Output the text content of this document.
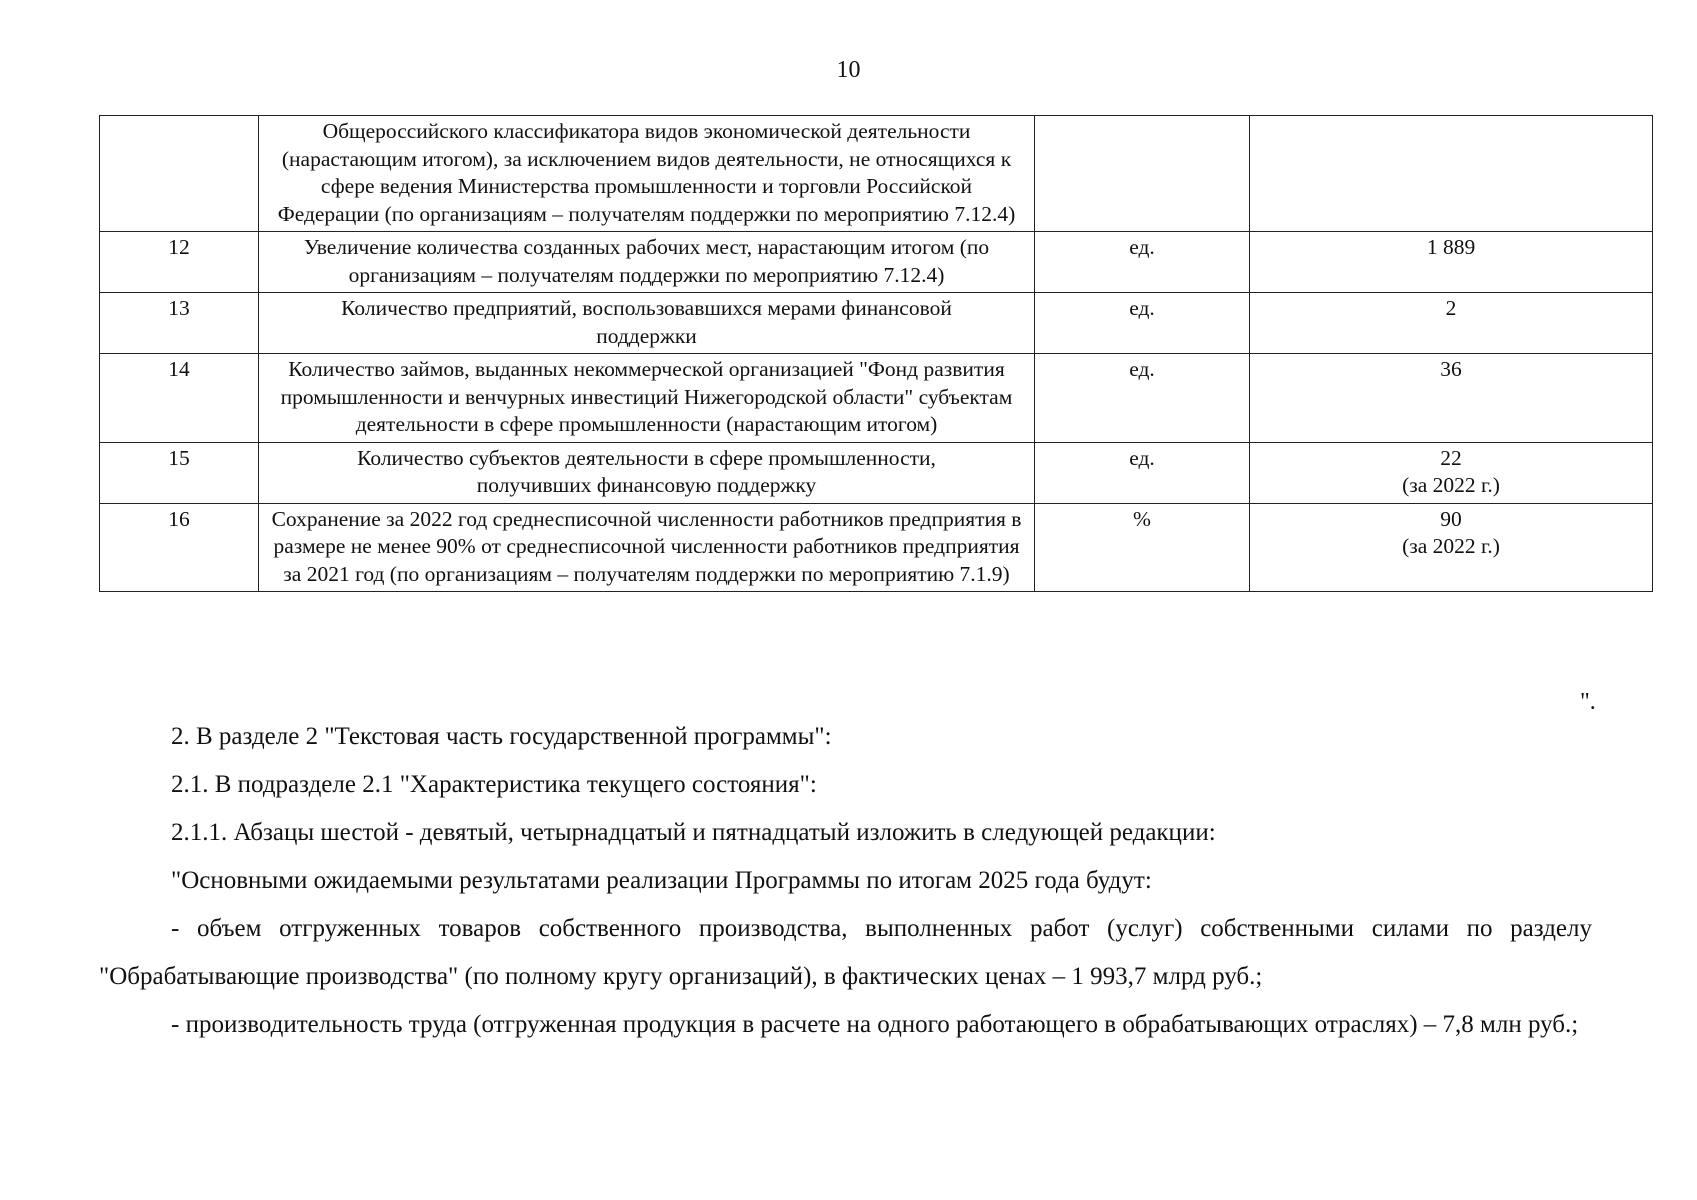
10
	Общероссийского классификатора видов экономической деятельности (нарастающим итогом), за исключением видов деятельности, не относящихся к сфере ведения Министерства промышленности и торговли Российской Федерации (по организациям – получателям поддержки по мероприятию 7.12.4)		
12	Увеличение количества созданных рабочих мест, нарастающим итогом (по организациям – получателям поддержки по мероприятию 7.12.4)	ед.	1 889
13	Количество предприятий, воспользовавшихся мерами финансовой поддержки	ед.	2
14	Количество займов, выданных некоммерческой организацией "Фонд развития промышленности и венчурных инвестиций Нижегородской области" субъектам деятельности в сфере промышленности (нарастающим итогом)	ед.	36
15	Количество субъектов деятельности в сфере промышленности, получивших финансовую поддержку	ед.	22
(за 2022 г.)
16	Сохранение за 2022 год среднесписочной численности работников предприятия в размере не менее 90% от среднесписочной численности работников предприятия за 2021 год (по организациям – получателям поддержки по мероприятию 7.1.9)	%	90
(за 2022 г.)
".

2. В разделе 2 "Текстовая часть государственной программы":

2.1. В подразделе 2.1 "Характеристика текущего состояния":

2.1.1. Абзацы шестой - девятый, четырнадцатый и пятнадцатый изложить в следующей редакции:

"Основными ожидаемыми результатами реализации Программы по итогам 2025 года будут:

- объем отгруженных товаров собственного производства, выполненных работ (услуг) собственными силами по разделу "Обрабатывающие производства" (по полному кругу организаций), в фактических ценах – 1 993,7 млрд руб.;

- производительность труда (отгруженная продукция в расчете на одного работающего в обрабатывающих отраслях) – 7,8 млн руб.;
